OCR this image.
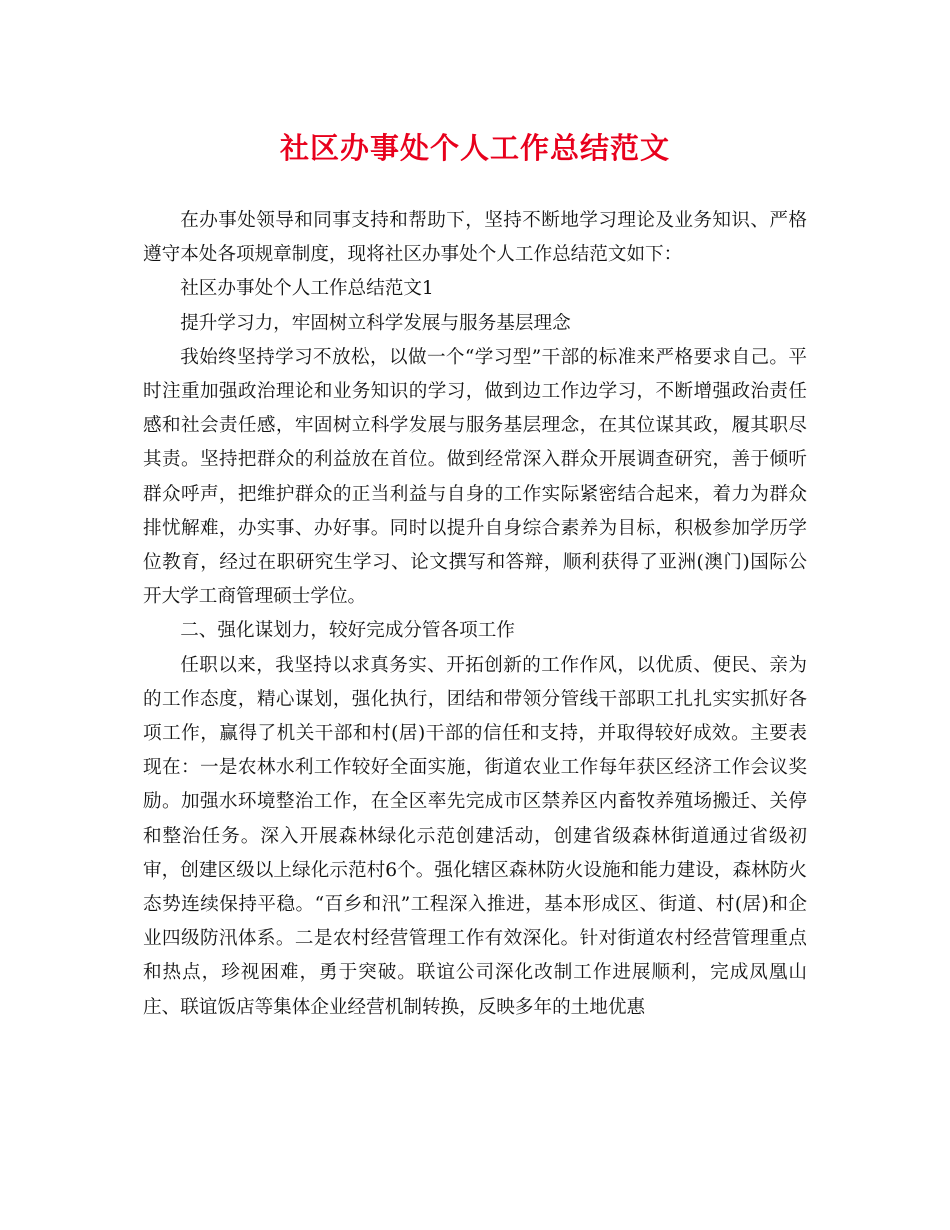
社区办事处个人工作总结范文

在办事处领导和同事支持和帮助下，坚持不断地学习理论及业务知识、严格遵守本处各项规章制度，现将社区办事处个人工作总结范文如下：

社区办事处个人工作总结范文1

提升学习力，牢固树立科学发展与服务基层理念

我始终坚持学习不放松，以做一个“学习型”干部的标准来严格要求自己。平时注重加强政治理论和业务知识的学习，做到边工作边学习，不断增强政治责任感和社会责任感，牢固树立科学发展与服务基层理念，在其位谋其政，履其职尽其责。坚持把群众的利益放在首位。做到经常深入群众开展调查研究，善于倾听群众呼声，把维护群众的正当利益与自身的工作实际紧密结合起来，着力为群众排忧解难，办实事、办好事。同时以提升自身综合素养为目标，积极参加学历学位教育，经过在职研究生学习、论文撰写和答辩，顺利获得了亚洲(澳门)国际公开大学工商管理硕士学位。

二、强化谋划力，较好完成分管各项工作

任职以来，我坚持以求真务实、开拓创新的工作作风，以优质、便民、亲为的工作态度，精心谋划，强化执行，团结和带领分管线干部职工扎扎实实抓好各项工作，赢得了机关干部和村(居)干部的信任和支持，并取得较好成效。主要表现在：一是农林水利工作较好全面实施，街道农业工作每年获区经济工作会议奖励。加强水环境整治工作，在全区率先完成市区禁养区内畜牧养殖场搬迁、关停和整治任务。深入开展森林绿化示范创建活动，创建省级森林街道通过省级初审，创建区级以上绿化示范村6个。强化辖区森林防火设施和能力建设，森林防火态势连续保持平稳。“百乡和汛”工程深入推进，基本形成区、街道、村(居)和企业四级防汛体系。二是农村经营管理工作有效深化。针对街道农村经营管理重点和热点，珍视困难，勇于突破。联谊公司深化改制工作进展顺利，完成凤凰山庄、联谊饭店等集体企业经营机制转换，反映多年的土地优惠
